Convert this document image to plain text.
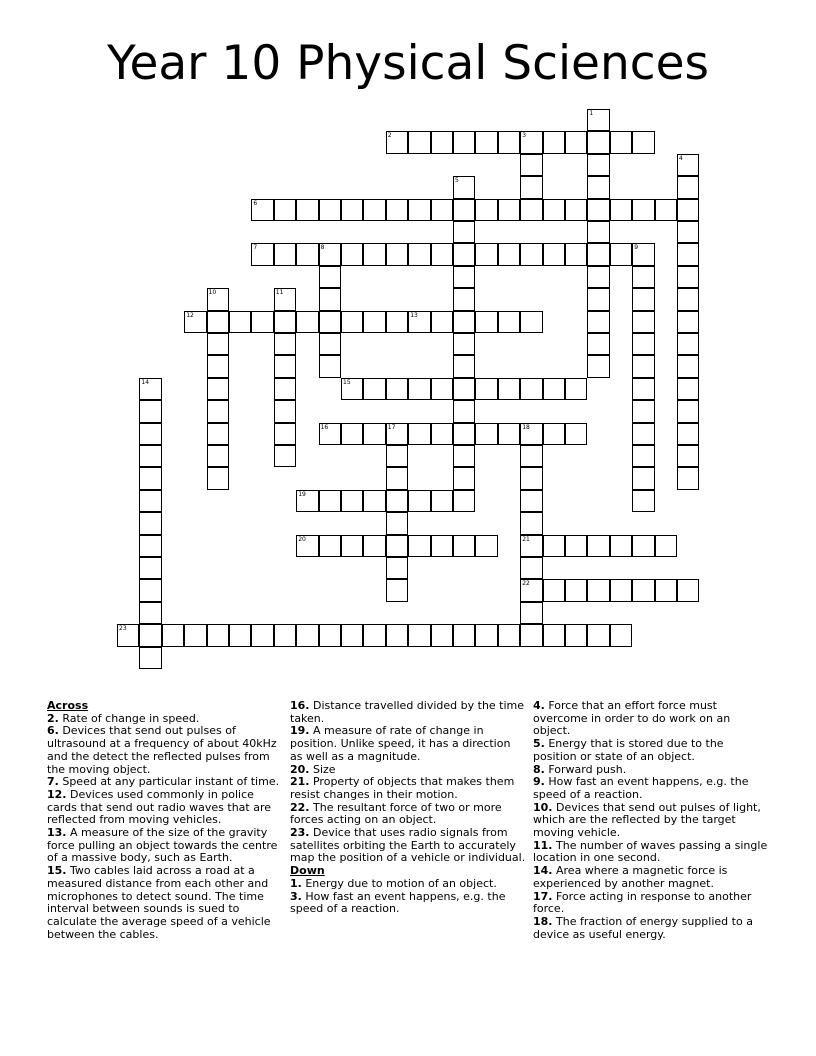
Year 10 Physical Sciences
2	3
6
7	8	9
12	13
15
16	17	18
19
20	21
22
23
1
4
5
10	11
14

Across

2. Rate of change in speed.

6. Devices that send out pulses of ultrasound at a frequency of about 40kHz and the detect the reflected pulses from the moving object.

7. Speed at any particular instant of time.

12. Devices used commonly in police cards that send out radio waves that are reflected from moving vehicles.

13. A measure of the size of the gravity force pulling an object towards the centre of a massive body, such as Earth.

15. Two cables laid across a road at a measured distance from each other and microphones to detect sound. The time interval between sounds is sued to calculate the average speed of a vehicle between the cables.

16. Distance travelled divided by the time taken.

19. A measure of rate of change in position. Unlike speed, it has a direction as well as a magnitude.

20. Size

21. Property of objects that makes them resist changes in their motion.

22. The resultant force of two or more forces acting on an object.

23. Device that uses radio signals from satellites orbiting the Earth to accurately map the position of a vehicle or individual.

Down

1. Energy due to motion of an object.

3. How fast an event happens, e.g. the speed of a reaction.

4. Force that an effort force must overcome in order to do work on an object.

5. Energy that is stored due to the position or state of an object.

8. Forward push.

9. How fast an event happens, e.g. the speed of a reaction.

10. Devices that send out pulses of light, which are the reflected by the target moving vehicle.

11. The number of waves passing a single location in one second.

14. Area where a magnetic force is experienced by another magnet.

17. Force acting in response to another force.

18. The fraction of energy supplied to a device as useful energy.
